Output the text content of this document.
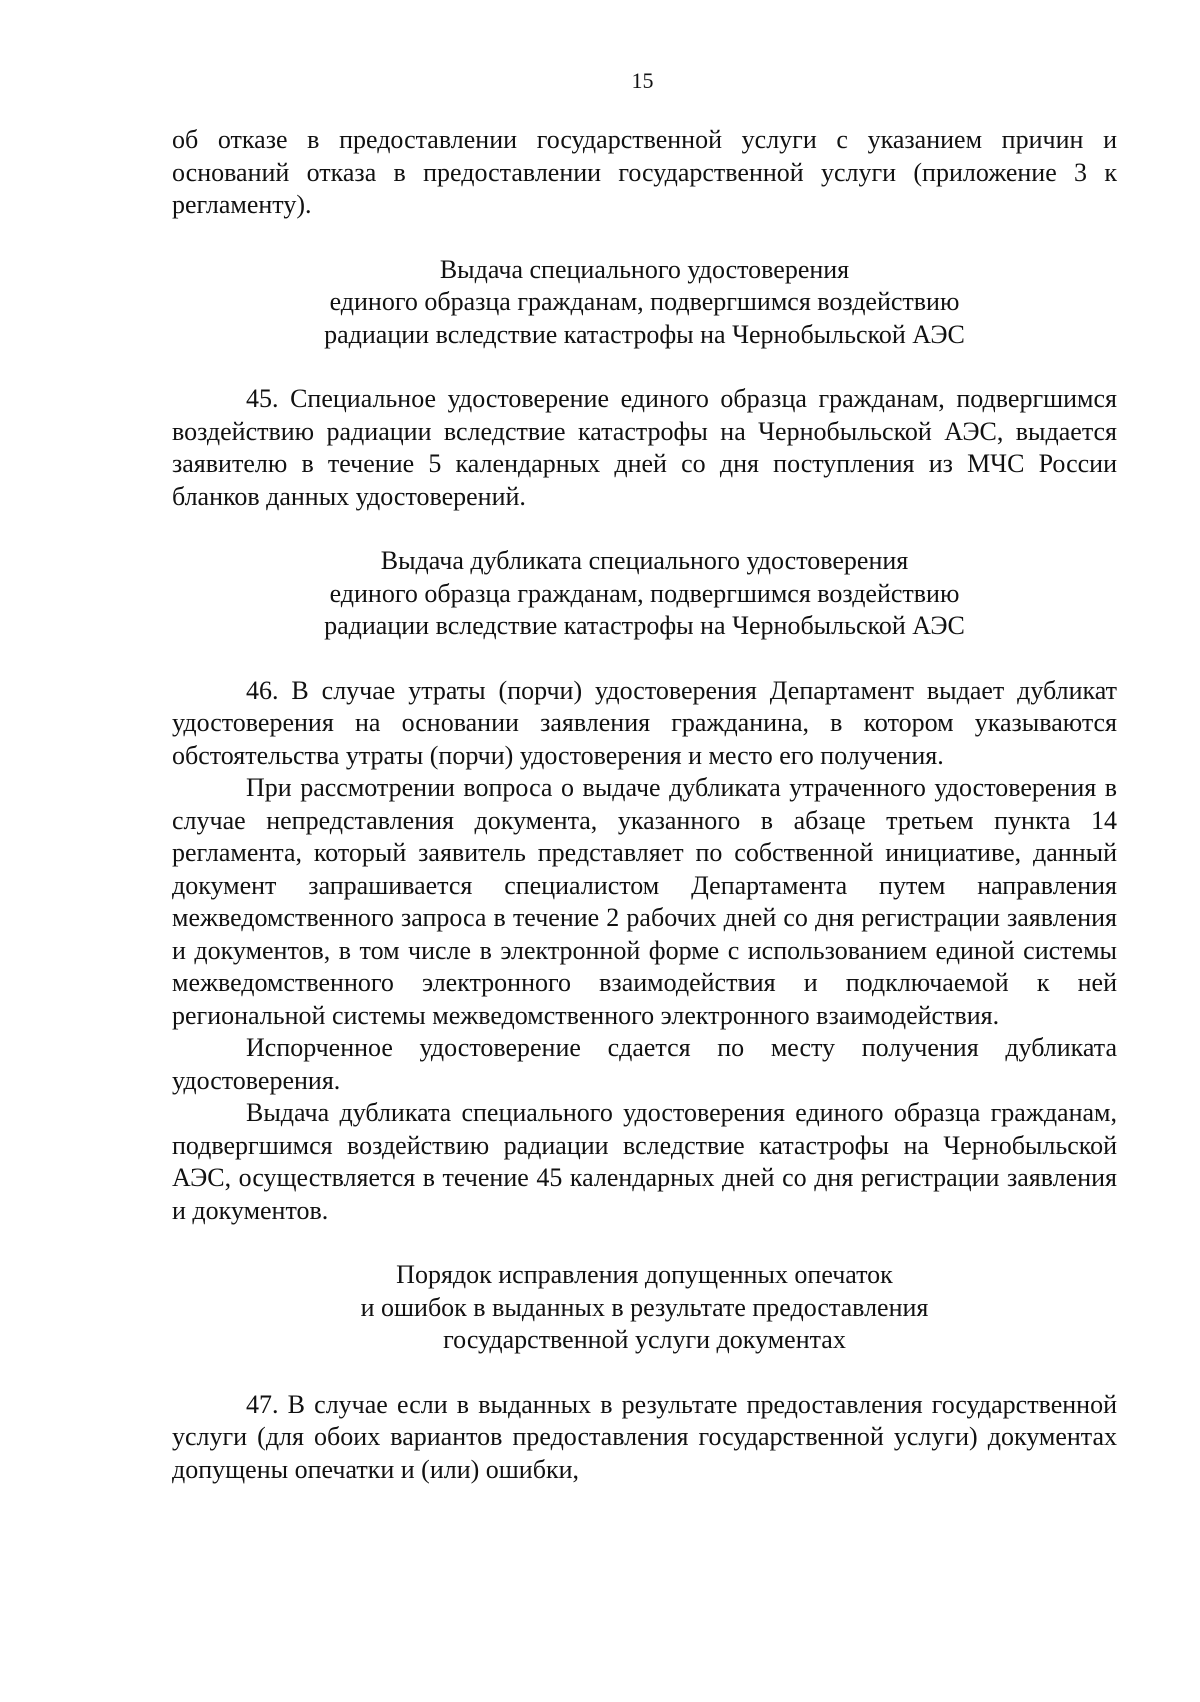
15

об отказе в предоставлении государственной услуги с указанием причин и оснований отказа в предоставлении государственной услуги (приложение 3 к регламенту).

Выдача специального удостоверения
единого образца гражданам, подвергшимся воздействию
радиации вследствие катастрофы на Чернобыльской АЭС

45. Специальное удостоверение единого образца гражданам, подвергшимся воздействию радиации вследствие катастрофы на Чернобыльской АЭС, выдается заявителю в течение 5 календарных дней со дня поступления из МЧС России бланков данных удостоверений.

Выдача дубликата специального удостоверения
единого образца гражданам, подвергшимся воздействию
радиации вследствие катастрофы на Чернобыльской АЭС

46. В случае утраты (порчи) удостоверения Департамент выдает дубликат удостоверения на основании заявления гражданина, в котором указываются обстоятельства утраты (порчи) удостоверения и место его получения.

При рассмотрении вопроса о выдаче дубликата утраченного удостоверения в случае непредставления документа, указанного в абзаце третьем пункта 14 регламента, который заявитель представляет по собственной инициативе, данный документ запрашивается специалистом Департамента путем направления межведомственного запроса в течение 2 рабочих дней со дня регистрации заявления и документов, в том числе в электронной форме с использованием единой системы межведомственного электронного взаимодействия и подключаемой к ней региональной системы межведомственного электронного взаимодействия.

Испорченное удостоверение сдается по месту получения дубликата удостоверения.

Выдача дубликата специального удостоверения единого образца гражданам, подвергшимся воздействию радиации вследствие катастрофы на Чернобыльской АЭС, осуществляется в течение 45 календарных дней со дня регистрации заявления и документов.

Порядок исправления допущенных опечаток
и ошибок в выданных в результате предоставления
государственной услуги документах

47. В случае если в выданных в результате предоставления государственной услуги (для обоих вариантов предоставления государственной услуги) документах допущены опечатки и (или) ошибки,
